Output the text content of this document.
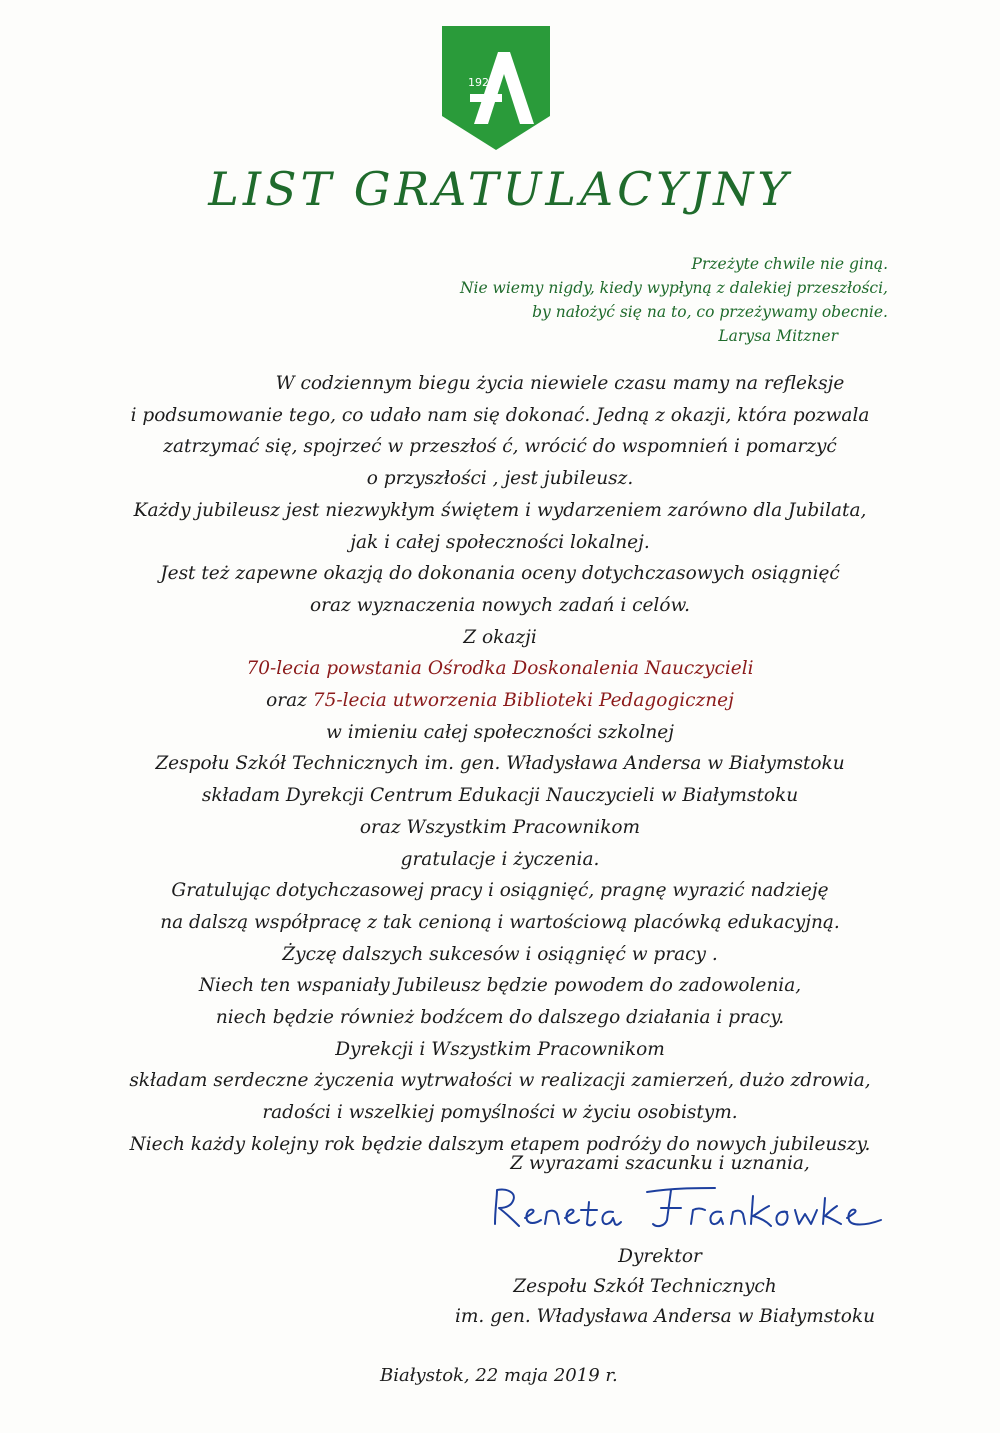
1929
LIST GRATULACYJNY
Przeżyte chwile nie giną.
Nie wiemy nigdy, kiedy wypłyną z dalekiej przeszłości,
by nałożyć się na to, co przeżywamy obecnie.
Larysa Mitzner
W codziennym biegu życia niewiele czasu mamy na refleksje
i podsumowanie tego, co udało nam się dokonać. Jedną z okazji, która pozwala
zatrzymać się, spojrzeć w przeszłoś ć, wrócić do wspomnień i pomarzyć
o przyszłości , jest jubileusz.
Każdy jubileusz jest niezwykłym świętem i wydarzeniem zarówno dla Jubilata,
jak i całej społeczności lokalnej.
Jest też zapewne okazją do dokonania oceny dotychczasowych osiągnięć
oraz wyznaczenia nowych zadań i celów.
Z okazji
70-lecia powstania Ośrodka Doskonalenia Nauczycieli
oraz 75-lecia utworzenia Biblioteki Pedagogicznej
w imieniu całej społeczności szkolnej
Zespołu Szkół Technicznych im. gen. Władysława Andersa w Białymstoku
składam Dyrekcji Centrum Edukacji Nauczycieli w Białymstoku
oraz Wszystkim Pracownikom
gratulacje i życzenia.
Gratulując dotychczasowej pracy i osiągnięć, pragnę wyrazić nadzieję
na dalszą współpracę z tak cenioną i wartościową placówką edukacyjną.
Życzę dalszych sukcesów i osiągnięć w pracy .
Niech ten wspaniały Jubileusz będzie powodem do zadowolenia,
niech będzie również bodźcem do dalszego działania i pracy.
Dyrekcji i Wszystkim Pracownikom
składam serdeczne życzenia wytrwałości w realizacji zamierzeń, dużo zdrowia,
radości i wszelkiej pomyślności w życiu osobistym.
Niech każdy kolejny rok będzie dalszym etapem podróży do nowych jubileuszy.
Z wyrazami szacunku i uznania,
Dyrektor
Zespołu Szkół Technicznych
im. gen. Władysława Andersa w Białymstoku
Białystok, 22 maja 2019 r.
